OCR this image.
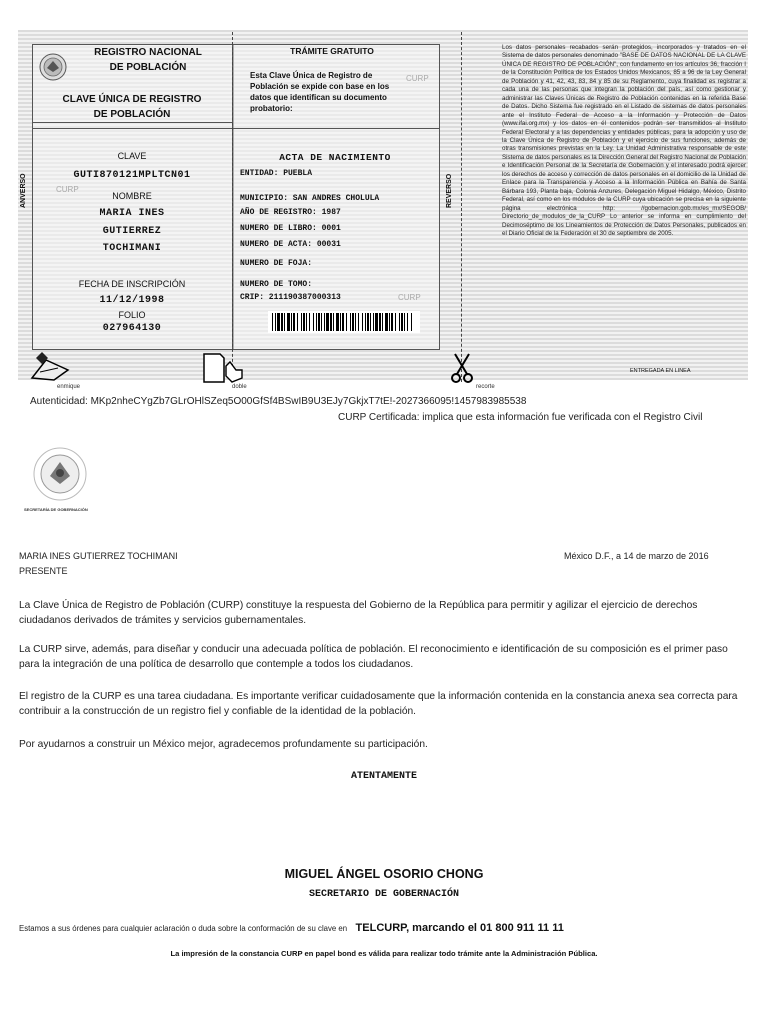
REGISTRO NACIONAL
DE POBLACIÓN
CLAVE ÚNICA DE REGISTRO
DE POBLACIÓN
CLAVE
GUTI870121MPLTCN01
NOMBRE
MARIA INES
GUTIERREZ
TOCHIMANI
FECHA DE INSCRIPCIÓN
11/12/1998
FOLIO
027964130
CURP
ANVERSO
TRÁMITE GRATUITO
Esta Clave Única de Registro de Población se expide con base en los datos que identifican su documento probatorio:
CURP
ACTA DE NACIMIENTO
ENTIDAD: PUEBLA
MUNICIPIO: SAN ANDRES CHOLULA
AÑO DE REGISTRO: 1987
NUMERO DE LIBRO: 0001
NUMERO DE ACTA: 00031
NUMERO DE FOJA:
NUMERO DE TOMO:
CRIP: 211190387000313	CURP
REVERSO
Los datos personales recabados serán protegidos, incorporados y tratados en el Sistema de datos personales denominado "BASE DE DATOS NACIONAL DE LA CLAVE ÚNICA DE REGISTRO DE POBLACIÓN", con fundamento en los artículos 36, fracción I de la Constitución Política de los Estados Unidos Mexicanos, 85 a 96 de la Ley General de Población y 41, 42, 43, 83, 84 y 85 de su Reglamento, cuya finalidad es registrar a cada una de las personas que integran la población del país, así como gestionar y administrar las Claves Únicas de Registro de Población contenidas en la referida Base de Datos. Dicho Sistema fue registrado en el Listado de sistemas de datos personales ante el Instituto Federal de Acceso a la Información y Protección de Datos (www.ifai.org.mx) y los datos en él contenidos podrán ser transmitidos al Instituto Federal Electoral y a las dependencias y entidades públicas, para la adopción y uso de la Clave Única de Registro de Población y el ejercicio de sus funciones, además de otras transmisiones previstas en la Ley. La Unidad Administrativa responsable de este Sistema de datos personales es la Dirección General del Registro Nacional de Población e Identificación Personal de la Secretaría de Gobernación y el interesado podrá ejercer los derechos de acceso y corrección de datos personales en el domicilio de la Unidad de Enlace para la Transparencia y Acceso a la Información Pública en Bahía de Santa Bárbara 193, Planta baja, Colonia Anzures, Delegación Miguel Hidalgo, México, Distrito Federal, así como en los módulos de la CURP cuya ubicación se precisa en la siguiente página electrónica http: //gobernacion.gob.mx/es_mx/SEGOB/ Directorio_de_modulos_de_la_CURP Lo anterior se informa en cumplimiento del Decimoséptimo de los Lineamientos de Protección de Datos Personales, publicados en el Diario Oficial de la Federación el 30 de septiembre de 2005.
ENTREGADA EN LINEA
enmique	doble	recorte
Autenticidad: MKp2nheCYgZb7GLrOHlSZeq5O00GfSf4BSwIB9U3EJy7GkjxT7tE!-2027366095!1457983985538
CURP Certificada: implica que esta información fue verificada con el Registro Civil
SECRETARÍA DE GOBERNACIÓN
MARIA INES GUTIERREZ TOCHIMANI
PRESENTE
México D.F., a 14 de marzo de 2016
La Clave Única de Registro de Población (CURP) constituye la respuesta del Gobierno de la República para permitir y agilizar el ejercicio de derechos ciudadanos derivados de trámites y servicios gubernamentales.
La CURP sirve, además, para diseñar y conducir una adecuada política de población. El reconocimiento e identificación de su composición es el primer paso para la integración de una política de desarrollo que contemple a todos los ciudadanos.
El registro de la CURP es una tarea ciudadana. Es importante verificar cuidadosamente que la información contenida en la constancia anexa sea correcta para contribuir a la construcción de un registro fiel y confiable de la identidad de la población.
Por ayudarnos a construir un México mejor, agradecemos profundamente su participación.
ATENTAMENTE
MIGUEL ÁNGEL OSORIO CHONG
SECRETARIO DE GOBERNACIÓN
Estamos a sus órdenes para cualquier aclaración o duda sobre la conformación de su clave en TELCURP, marcando el 01 800 911 11 11
La impresión de la constancia CURP en papel bond es válida para realizar todo trámite ante la Administración Pública.
